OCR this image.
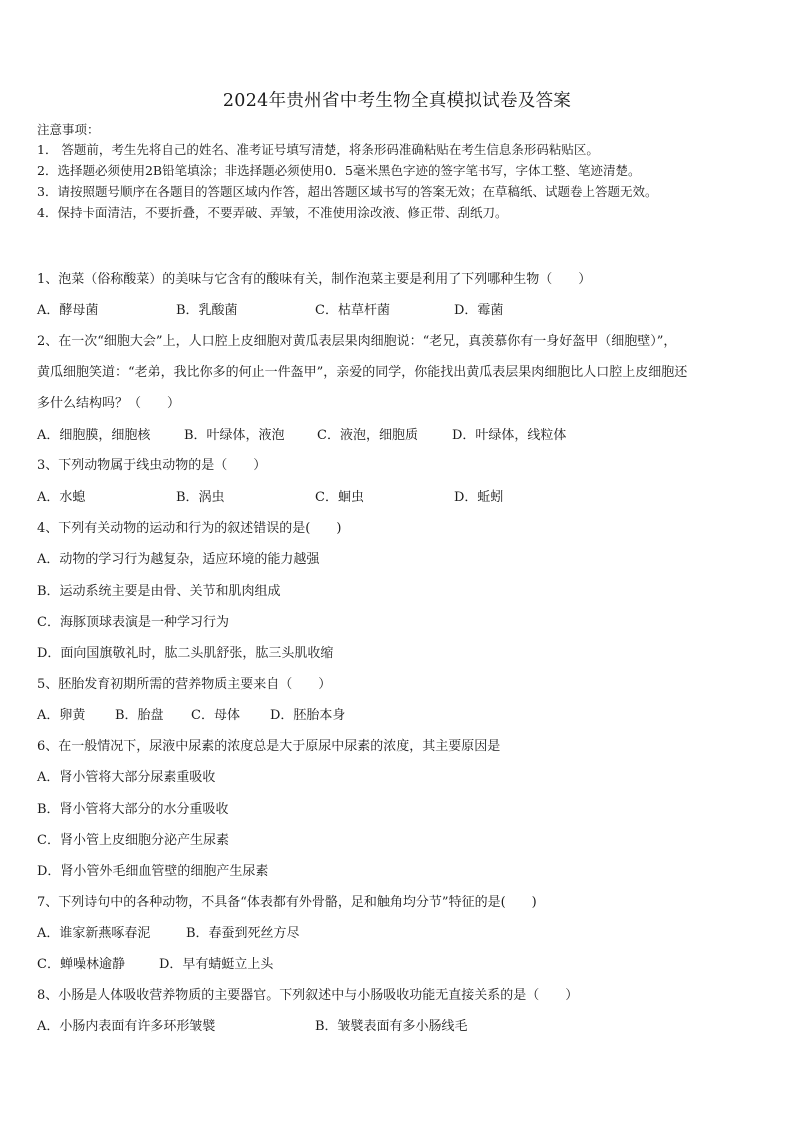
2024年贵州省中考生物全真模拟试卷及答案
注意事项：
1． 答题前，考生先将自己的姓名、准考证号填写清楚，将条形码准确粘贴在考生信息条形码粘贴区。
2．选择题必须使用2B铅笔填涂；非选择题必须使用0．5毫米黑色字迹的签字笔书写，字体工整、笔迹清楚。
3．请按照题号顺序在各题目的答题区域内作答，超出答题区域书写的答案无效；在草稿纸、试题卷上答题无效。
4．保持卡面清洁，不要折叠，不要弄破、弄皱，不准使用涂改液、修正带、刮纸刀。
1、泡菜（俗称酸菜）的美味与它含有的酸味有关，制作泡菜主要是利用了下列哪种生物（　　）
A．酵母菌	B．乳酸菌	C．枯草杆菌	D．霉菌
2、在一次“细胞大会”上，人口腔上皮细胞对黄瓜表层果肉细胞说：“老兄，真羡慕你有一身好盔甲（细胞壁）”，
黄瓜细胞笑道：“老弟，我比你多的何止一件盔甲”，亲爱的同学，你能找出黄瓜表层果肉细胞比人口腔上皮细胞还
多什么结构吗？（　　）
A．细胞膜，细胞核	B．叶绿体，液泡 C．液泡，细胞质	D．叶绿体，线粒体
3、下列动物属于线虫动物的是（　　）
A．水螅	B．涡虫	C．蛔虫	D．蚯蚓
4、下列有关动物的运动和行为的叙述错误的是(　　)
A．动物的学习行为越复杂，适应环境的能力越强
B．运动系统主要是由骨、关节和肌肉组成
C．海豚顶球表演是一种学习行为
D．面向国旗敬礼时，肱二头肌舒张，肱三头肌收缩
5、胚胎发育初期所需的营养物质主要来自（　　）
A．卵黄 B．胎盘 C．母体 D．胚胎本身
6、在一般情况下，尿液中尿素的浓度总是大于原尿中尿素的浓度，其主要原因是
A．肾小管将大部分尿素重吸收
B．肾小管将大部分的水分重吸收
C．肾小管上皮细胞分泌产生尿素
D．肾小管外毛细血管壁的细胞产生尿素
7、下列诗句中的各种动物，不具备“体表都有外骨骼，足和触角均分节”特征的是(　　)
A．谁家新燕啄春泥	B．春蚕到死丝方尽
C．蝉噪林逾静	D．早有蜻蜓立上头
8、小肠是人体吸收营养物质的主要器官。下列叙述中与小肠吸收功能无直接关系的是（　　）
A．小肠内表面有许多环形皱襞	B．皱襞表面有多小肠线毛
